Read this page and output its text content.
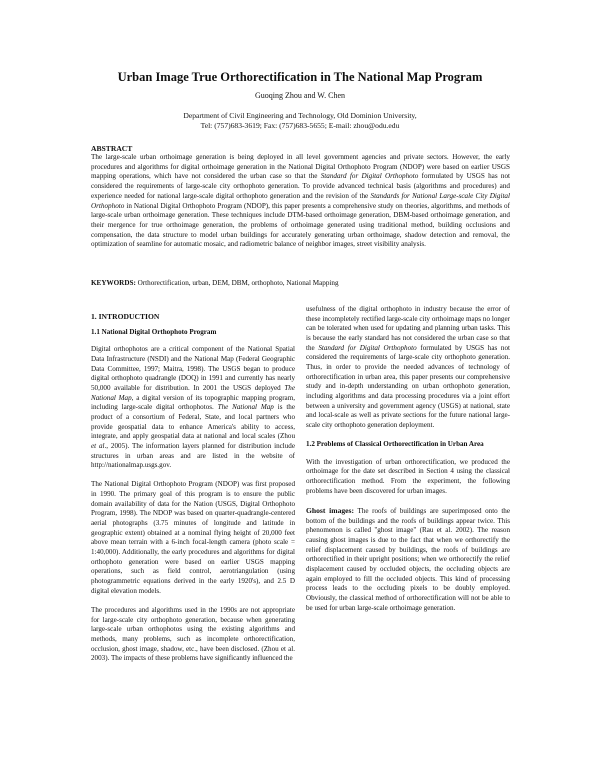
Urban Image True Orthorectification in The National Map Program
Guoqing Zhou and W. Chen
Department of Civil Engineering and Technology, Old Dominion University,
Tel: (757)683-3619; Fax: (757)683-5655; E-mail: zhou@odu.edu
ABSTRACT
The large-scale urban orthoimage generation is being deployed in all level government agencies and private sectors. However, the early procedures and algorithms for digital orthoimage generation in the National Digital Orthophoto Program (NDOP) were based on earlier USGS mapping operations, which have not considered the urban case so that the Standard for Digital Orthophoto formulated by USGS has not considered the requirements of large-scale city orthophoto generation. To provide advanced technical basis (algorithms and procedures) and experience needed for national large-scale digital orthophoto generation and the revision of the Standards for National Large-scale City Digital Orthophoto in National Digital Orthophoto Program (NDOP), this paper presents a comprehensive study on theories, algorithms, and methods of large-scale urban orthoimage generation. These techniques include DTM-based orthoimage generation, DBM-based orthoimage generation, and their mergence for true orthoimage generation, the problems of orthoimage generated using traditional method, building occlusions and compensation, the data structure to model urban buildings for accurately generating urban orthoimage, shadow detection and removal, the optimization of seamline for automatic mosaic, and radiometric balance of neighbor images, street visibility analysis.
KEYWORDS: Orthorectification, urban, DEM, DBM, orthophoto, National Mapping
1. INTRODUCTION
1.1 National Digital Orthophoto Program

Digital orthophotos are a critical component of the National Spatial Data Infrastructure (NSDI) and the National Map (Federal Geographic Data Committee, 1997; Maitra, 1998). The USGS began to produce digital orthophoto quadrangle (DOQ) in 1991 and currently has nearly 50,000 available for distribution. In 2001 the USGS deployed The National Map, a digital version of its topographic mapping program, including large-scale digital orthophotos. The National Map is the product of a consortium of Federal, State, and local partners who provide geospatial data to enhance America's ability to access, integrate, and apply geospatial data at national and local scales (Zhou et al., 2005). The information layers planned for distribution include structures in urban areas and are listed in the website of http://nationalmap.usgs.gov.

The National Digital Orthophoto Program (NDOP) was first proposed in 1990. The primary goal of this program is to ensure the public domain availability of data for the Nation (USGS, Digital Orthophoto Program, 1998). The NDOP was based on quarter-quadrangle-centered aerial photographs (3.75 minutes of longitude and latitude in geographic extent) obtained at a nominal flying height of 20,000 feet above mean terrain with a 6-inch focal-length camera (photo scale = 1:40,000). Additionally, the early procedures and algorithms for digital orthophoto generation were based on earlier USGS mapping operations, such as field control, aerotriangulation (using photogrammetric equations derived in the early 1920's), and 2.5 D digital elevation models.

The procedures and algorithms used in the 1990s are not appropriate for large-scale city orthophoto generation, because when generating large-scale urban orthophotos using the existing algorithms and methods, many problems, such as incomplete orthorectification, occlusion, ghost image, shadow, etc., have been disclosed. (Zhou et al. 2003). The impacts of these problems have significantly influenced the

usefulness of the digital orthophoto in industry because the error of these incompletely rectified large-scale city orthoimage maps no longer can be tolerated when used for updating and planning urban tasks. This is because the early standard has not considered the urban case so that the Standard for Digital Orthophoto formulated by USGS has not considered the requirements of large-scale city orthophoto generation. Thus, in order to provide the needed advances of technology of orthorectification in urban area, this paper presents our comprehensive study and in-depth understanding on urban orthophoto generation, including algorithms and data processing procedures via a joint effort between a university and government agency (USGS) at national, state and local-scale as well as private sections for the future national large-scale city orthophoto generation deployment.

1.2 Problems of Classical Orthorectification in Urban Area

With the investigation of urban orthorectification, we produced the orthoimage for the date set described in Section 4 using the classical orthorectification method. From the experiment, the following problems have been discovered for urban images.

Ghost images: The roofs of buildings are superimposed onto the bottom of the buildings and the roofs of buildings appear twice. This phenomenon is called "ghost image" (Rau et al. 2002). The reason causing ghost images is due to the fact that when we orthorectify the relief displacement caused by buildings, the roofs of buildings are orthorectified in their upright positions; when we orthorectify the relief displacement caused by occluded objects, the occluding objects are again employed to fill the occluded objects. This kind of processing process leads to the occluding pixels to be doubly employed. Obviously, the classical method of orthorectification will not be able to be used for urban large-scale orthoimage generation.
